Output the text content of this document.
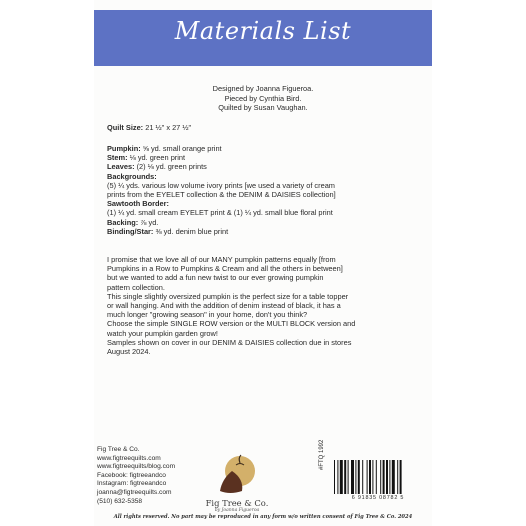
Materials List
Designed by Joanna Figueroa.
Pieced by Cynthia Bird.
Quilted by Susan Vaughan.
Quilt Size: 21 ½" x 27 ½"
Pumpkin: ⅝ yd. small orange print
Stem: ⅛ yd. green print
Leaves: (2) ⅛ yd. green prints
Backgrounds:
(5) ¼ yds. various low volume ivory prints [we used a variety of cream
prints from the EYELET collection & the DENIM & DAISIES collection]
Sawtooth Border:
(1) ¼ yd. small cream EYELET print & (1) ¼ yd. small blue floral print
Backing: ⅞ yd.
Binding/Star: ⅜ yd. denim blue print
I promise that we love all of our MANY pumpkin patterns equally [from
Pumpkins in a Row to Pumpkins & Cream and all the others in between]
but we wanted to add a fun new twist to our ever growing pumpkin
pattern collection.
This single slightly oversized pumpkin is the perfect size for a table topper
or wall hanging. And with the addition of denim instead of black, it has a
much longer "growing season" in your home, don't you think?
Choose the simple SINGLE ROW version or the MULTI BLOCK version and
watch your pumpkin garden grow!
Samples shown on cover in our DENIM & DAISIES collection due in stores
August 2024.
Fig Tree & Co.
www.figtreequilts.com
www.figtreequilts/blog.com
Facebook: figtreeandco
Instagram: figtreeandco
joanna@figtreequilts.com
(510) 632-5358	Fig Tree & Co.
by Joanna Figueroa
#FTQ 1992
6 91835 08782 5
All rights reserved. No part may be reproduced in any form w/o written consent of Fig Tree & Co. 2024
